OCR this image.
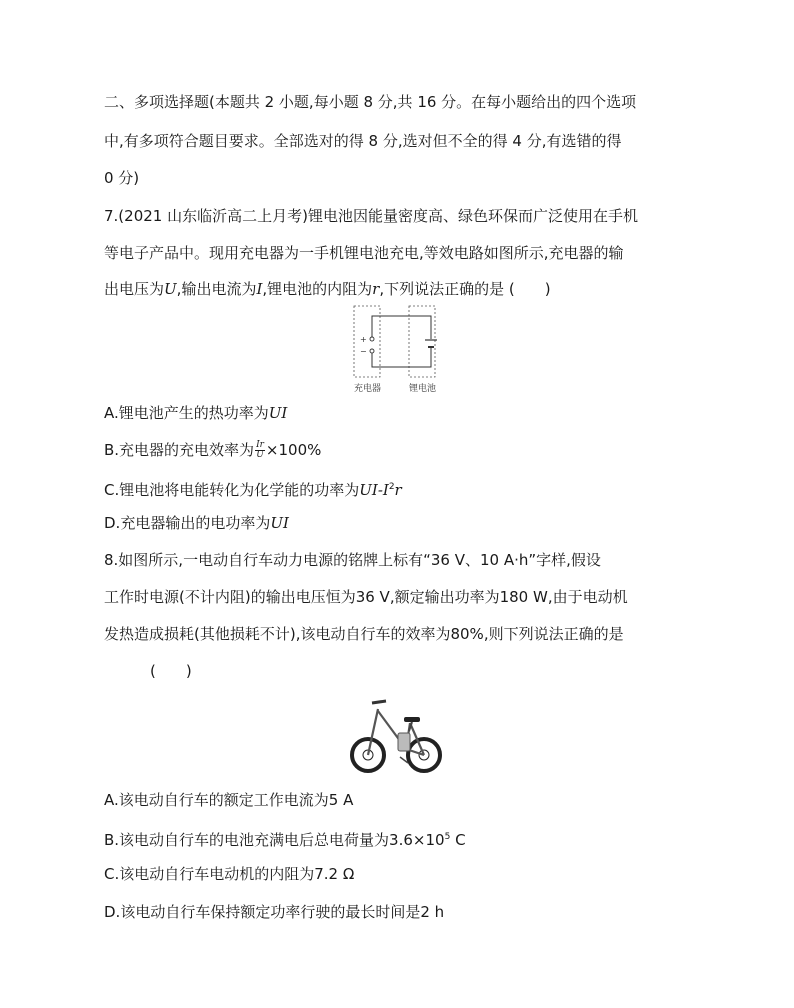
二、多项选择题(本题共 2 小题,每小题 8 分,共 16 分。在每小题给出的四个选项
中,有多项符合题目要求。全部选对的得 8 分,选对但不全的得 4 分,有选错的得
0 分)
7.(2021 山东临沂高二上月考)锂电池因能量密度高、绿色环保而广泛使用在手机
等电子产品中。现用充电器为一手机锂电池充电,等效电路如图所示,充电器的输
出电压为U,输出电流为I,锂电池的内阻为r,下列说法正确的是 (　　)
+
−
充电器	锂电池
A.锂电池产生的热功率为UI
B.充电器的充电效率为 $\frac{Ir}{U} \times 100\%$
C.锂电池将电能转化为化学能的功率为$UI-I^2r$
D.充电器输出的电功率为UI
8.如图所示,一电动自行车动力电源的铭牌上标有“36 V、10 A·h”字样,假设
工作时电源(不计内阻)的输出电压恒为36 V,额定输出功率为180 W,由于电动机
发热造成损耗(其他损耗不计),该电动自行车的效率为80%,则下列说法正确的是
(　　)
A.该电动自行车的额定工作电流为5 A
B.该电动自行车的电池充满电后总电荷量为$3.6\times 10^5$ C
C.该电动自行车电动机的内阻为7.2 Ω
D.该电动自行车保持额定功率行驶的最长时间是2 h
